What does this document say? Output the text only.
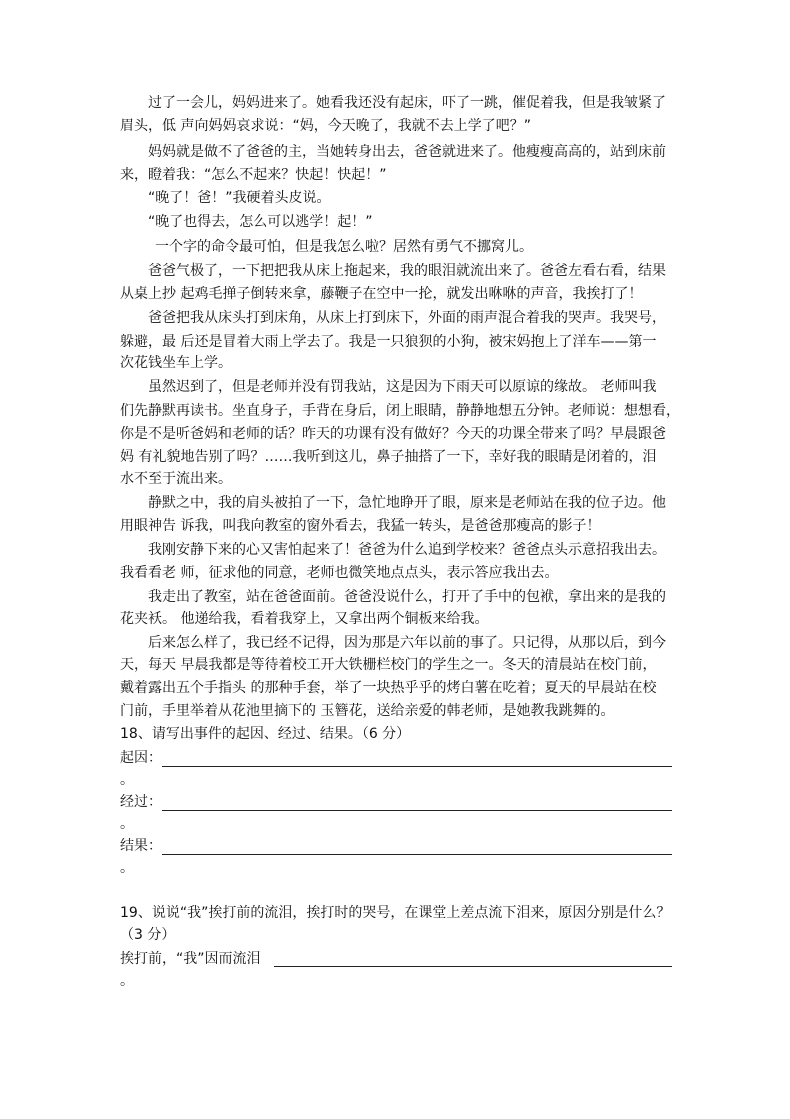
过了一会儿，妈妈进来了。她看我还没有起床，吓了一跳，催促着我，但是我皱紧了
眉头，低 声向妈妈哀求说：“妈，今天晚了，我就不去上学了吧？”
妈妈就是做不了爸爸的主，当她转身出去，爸爸就进来了。他瘦瘦高高的，站到床前
来，瞪着我：“怎么不起来？快起！快起！”
“晚了！爸！”我硬着头皮说。
“晚了也得去，怎么可以逃学！起！”
一个字的命令最可怕，但是我怎么啦？居然有勇气不挪窝儿。
爸爸气极了，一下把把我从床上拖起来，我的眼泪就流出来了。爸爸左看右看，结果
从桌上抄 起鸡毛掸子倒转来拿，藤鞭子在空中一抡，就发出咻咻的声音，我挨打了！
爸爸把我从床头打到床角，从床上打到床下，外面的雨声混合着我的哭声。我哭号，
躲避，最 后还是冒着大雨上学去了。我是一只狼狈的小狗，被宋妈抱上了洋车——第一
次花钱坐车上学。
虽然迟到了，但是老师并没有罚我站，这是因为下雨天可以原谅的缘故。 老师叫我
们先静默再读书。坐直身子，手背在身后，闭上眼睛，静静地想五分钟。老师说：想想看，
你是不是听爸妈和老师的话？昨天的功课有没有做好？今天的功课全带来了吗？早晨跟爸
妈 有礼貌地告别了吗？……我听到这儿，鼻子抽搭了一下，幸好我的眼睛是闭着的，泪
水不至于流出来。
静默之中，我的肩头被拍了一下，急忙地睁开了眼，原来是老师站在我的位子边。他
用眼神告 诉我，叫我向教室的窗外看去，我猛一转头，是爸爸那瘦高的影子！
我刚安静下来的心又害怕起来了！爸爸为什么追到学校来？爸爸点头示意招我出去。
我看看老 师，征求他的同意，老师也微笑地点点头，表示答应我出去。
我走出了教室，站在爸爸面前。爸爸没说什么，打开了手中的包袱，拿出来的是我的
花夹袄。 他递给我，看着我穿上，又拿出两个铜板来给我。
后来怎么样了，我已经不记得，因为那是六年以前的事了。只记得，从那以后，到今
天，每天 早晨我都是等待着校工开大铁栅栏校门的学生之一。冬天的清晨站在校门前，
戴着露出五个手指头 的那种手套，举了一块热乎乎的烤白薯在吃着；夏天的早晨站在校
门前，手里举着从花池里摘下的 玉簪花，送给亲爱的韩老师，是她教我跳舞的。
18、请写出事件的起因、经过、结果。（6 分）
起因：
。
经过：
。
结果：
。
19、说说“我”挨打前的流泪，挨打时的哭号，在课堂上差点流下泪来，原因分别是什么？
（3 分）
挨打前，“我”因而流泪
。
